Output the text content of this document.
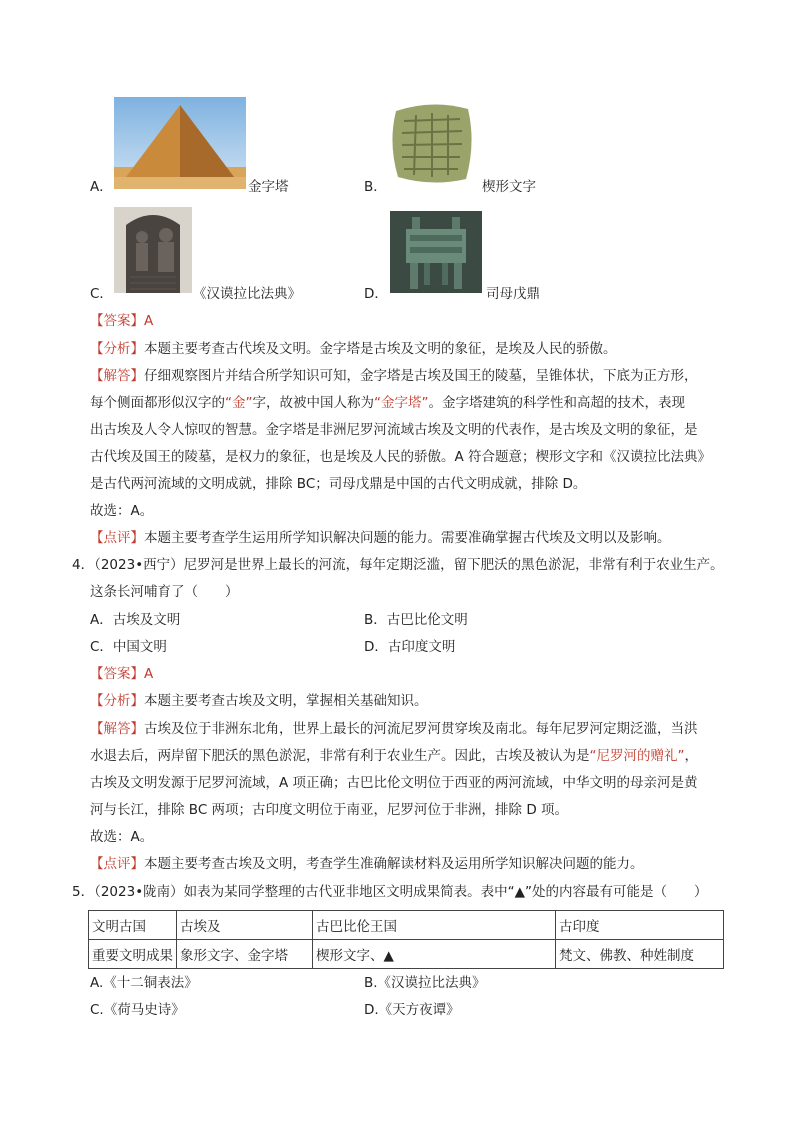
A．	金字塔	B．	楔形文字
C．	《汉谟拉比法典》	D．	司母戊鼎
【答案】A
【分析】本题主要考查古代埃及文明。金字塔是古埃及文明的象征，是埃及人民的骄傲。
【解答】仔细观察图片并结合所学知识可知，金字塔是古埃及国王的陵墓，呈锥体状，下底为正方形，
每个侧面都形似汉字的“金”字，故被中国人称为“金字塔”。金字塔建筑的科学性和高超的技术，表现
出古埃及人令人惊叹的智慧。金字塔是非洲尼罗河流域古埃及文明的代表作，是古埃及文明的象征，是
古代埃及国王的陵墓，是权力的象征，也是埃及人民的骄傲。A 符合题意；楔形文字和《汉谟拉比法典》
是古代两河流域的文明成就，排除 BC；司母戊鼎是中国的古代文明成就，排除 D。
故选：A。
【点评】本题主要考查学生运用所学知识解决问题的能力。需要准确掌握古代埃及文明以及影响。
4．（2023•西宁）尼罗河是世界上最长的河流，每年定期泛滥，留下肥沃的黑色淤泥，非常有利于农业生产。
这条长河哺育了（　　）
A．古埃及文明	B．古巴比伦文明
C．中国文明	D．古印度文明
【答案】A
【分析】本题主要考查古埃及文明，掌握相关基础知识。
【解答】古埃及位于非洲东北角，世界上最长的河流尼罗河贯穿埃及南北。每年尼罗河定期泛滥，当洪
水退去后，两岸留下肥沃的黑色淤泥，非常有利于农业生产。因此，古埃及被认为是“尼罗河的赠礼”，
古埃及文明发源于尼罗河流域，A 项正确；古巴比伦文明位于西亚的两河流域，中华文明的母亲河是黄
河与长江，排除 BC 两项；古印度文明位于南亚，尼罗河位于非洲，排除 D 项。
故选：A。
【点评】本题主要考查古埃及文明，考查学生准确解读材料及运用所学知识解决问题的能力。
5．（2023•陇南）如表为某同学整理的古代亚非地区文明成果简表。表中“▲”处的内容最有可能是（　　）
文明古国	古埃及	古巴比伦王国	古印度
重要文明成果	象形文字、金字塔	楔形文字、▲	梵文、佛教、种姓制度
A.《十二铜表法》	B.《汉谟拉比法典》
C.《荷马史诗》	D.《天方夜谭》
